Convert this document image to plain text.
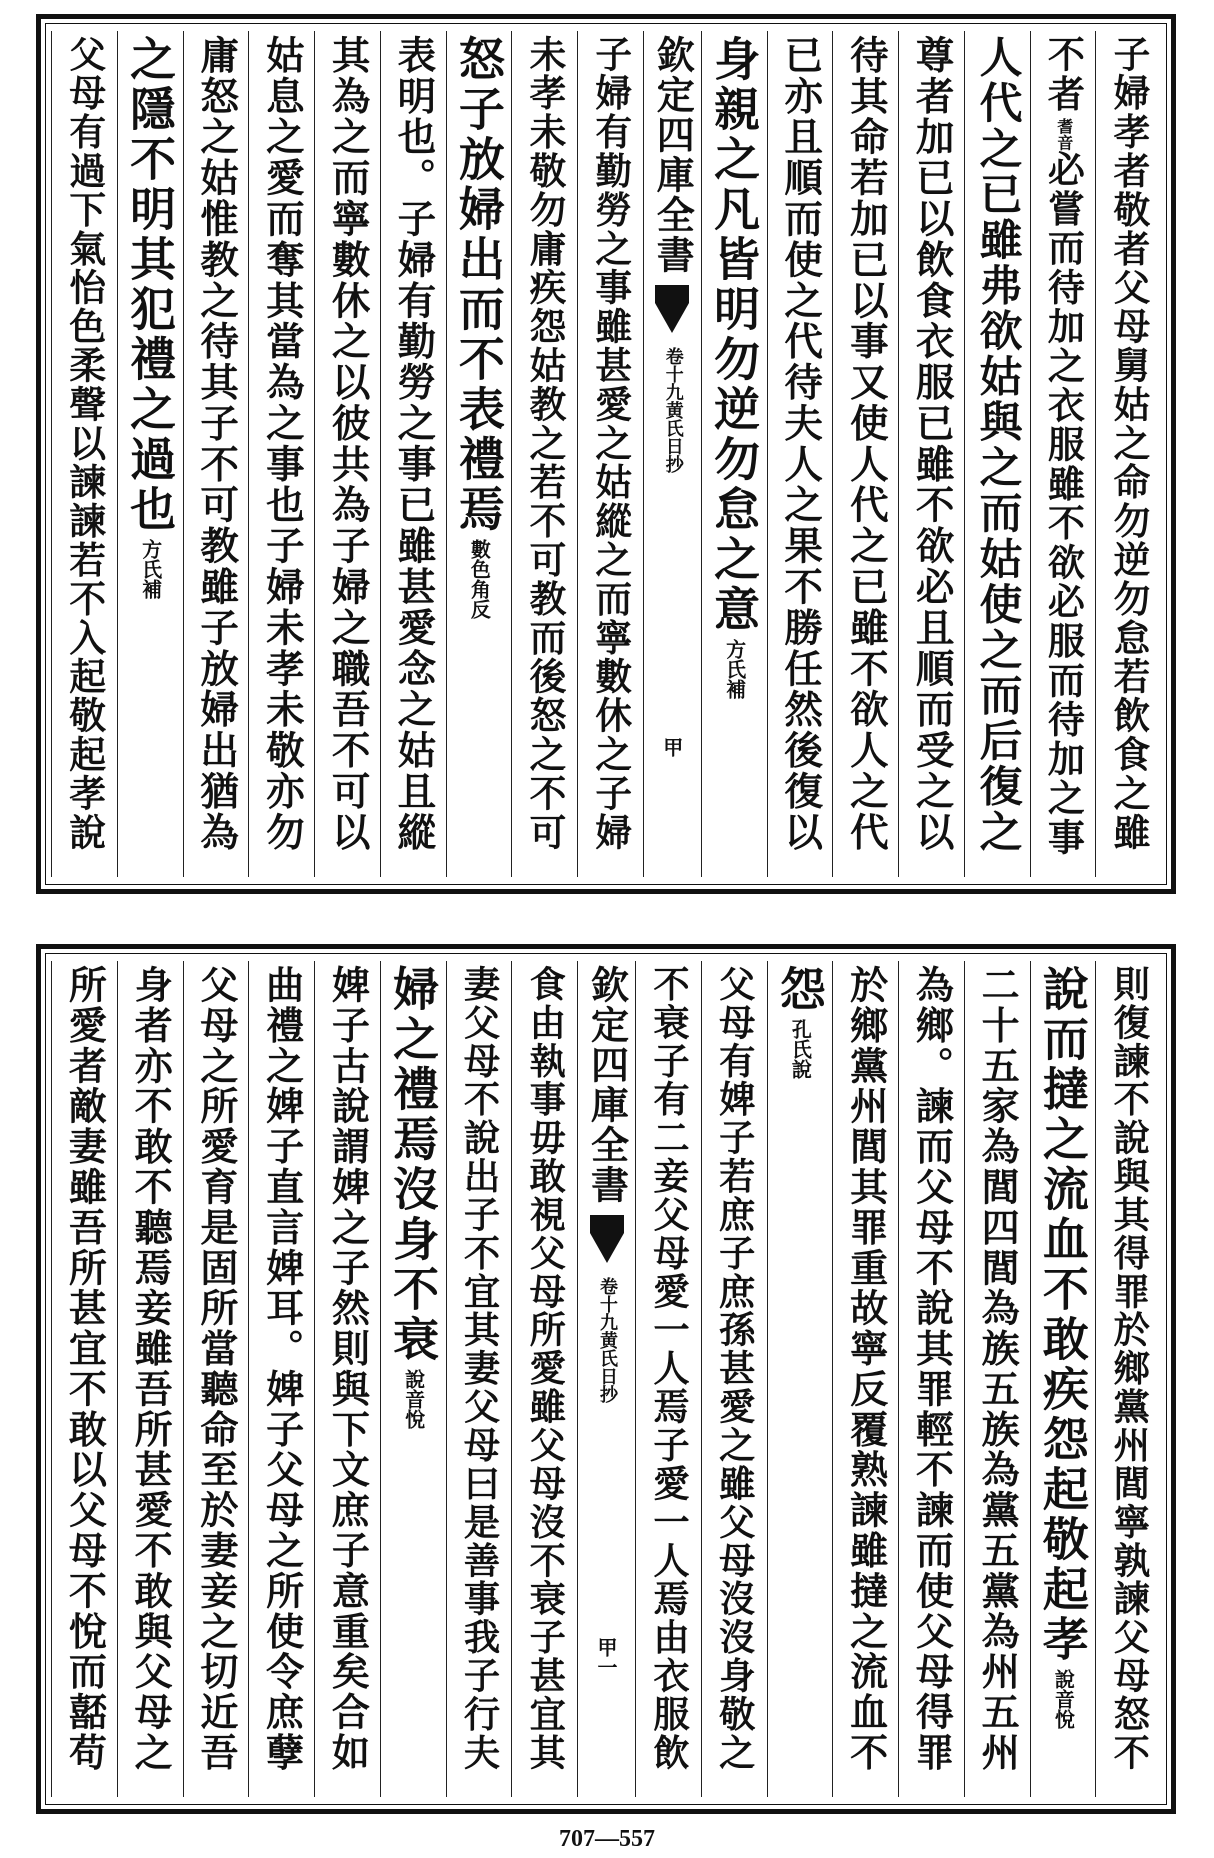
子婦孝者敬者父母舅姑之命勿逆勿怠若飲食之雖
不者
耆音
必嘗而待加之衣服雖不欲必服而待加之事
人代之已雖弗欲姑與之而姑使之而后復之
尊者加已以飲食衣服已雖不欲必且順而受之以
待其命若加已以事又使人代之已雖不欲人之代
已亦且順而使之代待夫人之果不勝任然後復以
身親之凡皆明勿逆勿怠之意
方氏補
欽定四庫全書
黄氏日抄
卷十九
甲
子婦有勤勞之事雖甚愛之姑縱之而寧數休之子婦
未孝未敬勿庸疾怨姑教之若不可教而後怒之不可
怒子放婦出而不表禮焉
數色角反
表明也。子婦有勤勞之事已雖甚愛念之姑且縱
其為之而寧數休之以彼共為子婦之職吾不可以
姑息之愛而奪其當為之事也子婦未孝未敬亦勿
庸怒之姑惟教之待其子不可教雖子放婦出猶為
之隱不明其犯禮之過也
方氏補
父母有過下氣怡色柔聲以諫諫若不入起敬起孝說
則復諫不說與其得罪於鄉黨州閭寧孰諫父母怒不
說而撻之流血不敢疾怨起敬起孝
說音悅
二十五家為閭四閭為族五族為黨五黨為州五州
為鄉。諫而父母不說其罪輕不諫而使父母得罪
於鄉黨州閭其罪重故寧反覆熟諫雖撻之流血不
怨
孔氏說
父母有婢子若庶子庶孫甚愛之雖父母沒沒身敬之
不衰子有二妾父母愛一人焉子愛一人焉由衣服飲
欽定四庫全書
黄氏日抄
卷十九
甲一
食由執事毋敢視父母所愛雖父母沒不衰子甚宜其
妻父母不說出子不宜其妻父母曰是善事我子行夫
婦之禮焉沒身不衰
說音悅
婢子古說謂婢之子然則與下文庶子意重矣合如
曲禮之婢子直言婢耳。婢子父母之所使令庶孽
父母之所愛育是固所當聽命至於妻妾之切近吾
身者亦不敢不聽焉妾雖吾所甚愛不敢與父母之
所愛者敵妻雖吾所甚宜不敢以父母不悅而嚭苟
707—557
